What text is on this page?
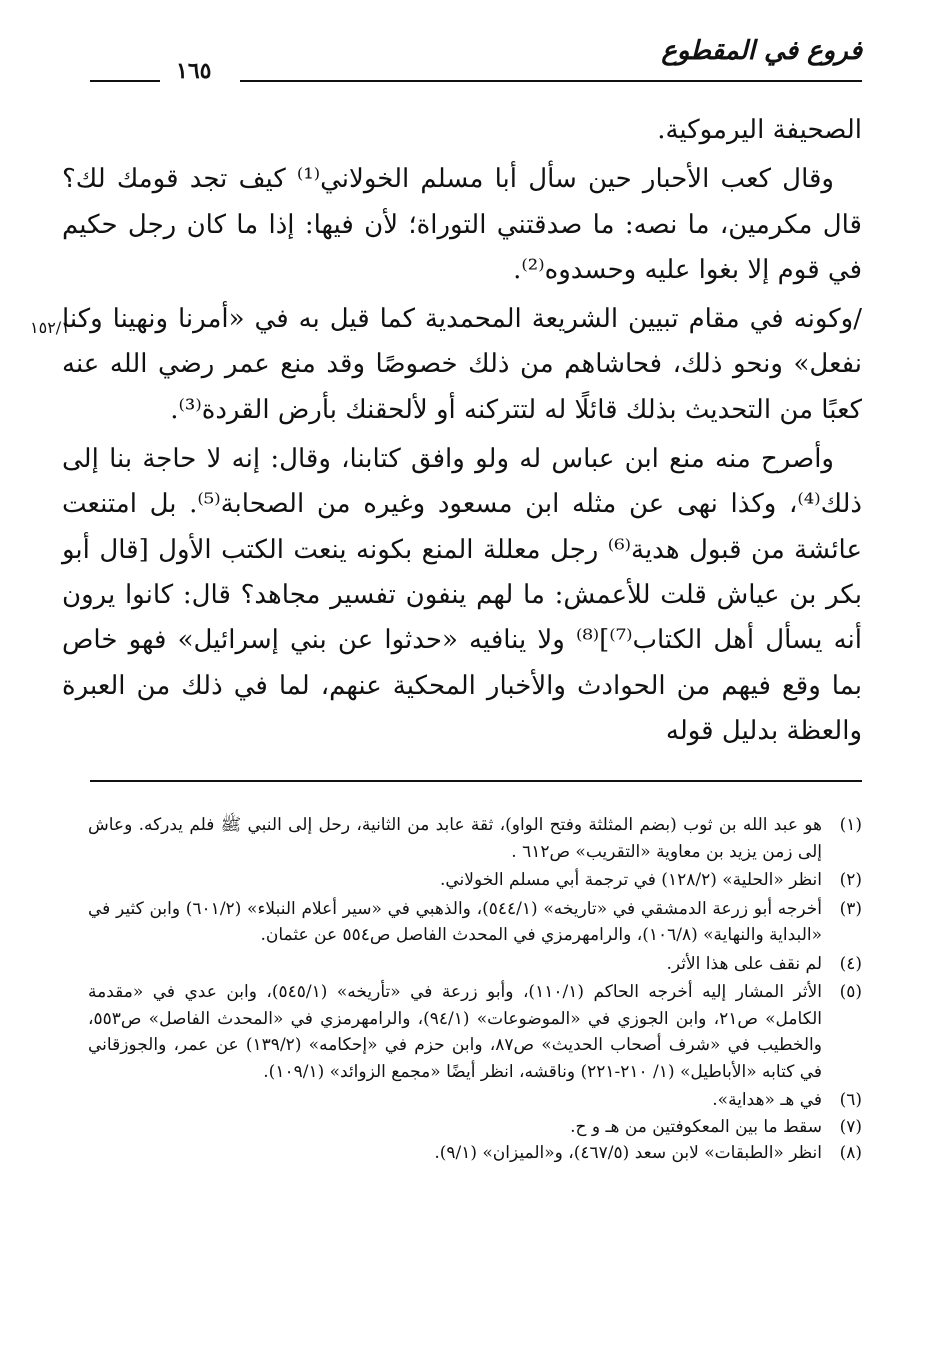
فروع في المقطوع
١٦٥
١٥٢/١

الصحيفة اليرموكية.

وقال كعب الأحبار حين سأل أبا مسلم الخولاني⁽¹⁾ كيف تجد قومك لك؟ قال مكرمين، ما نصه: ما صدقتني التوراة؛ لأن فيها: إذا ما كان رجل حكيم في قوم إلا بغوا عليه وحسدوه⁽²⁾.

/وكونه في مقام تبيين الشريعة المحمدية كما قيل به في «أمرنا ونهينا وكنا نفعل» ونحو ذلك، فحاشاهم من ذلك خصوصًا وقد منع عمر رضي الله عنه كعبًا من التحديث بذلك قائلًا له لتتركنه أو لألحقنك بأرض القردة⁽³⁾.

وأصرح منه منع ابن عباس له ولو وافق كتابنا، وقال: إنه لا حاجة بنا إلى ذلك⁽⁴⁾، وكذا نهى عن مثله ابن مسعود وغيره من الصحابة⁽⁵⁾. بل امتنعت عائشة من قبول هدية⁽⁶⁾ رجل معللة المنع بكونه ينعت الكتب الأول [قال أبو بكر بن عياش قلت للأعمش: ما لهم ينفون تفسير مجاهد؟ قال: كانوا يرون أنه يسأل أهل الكتاب⁽⁷⁾]⁽⁸⁾ ولا ينافيه «حدثوا عن بني إسرائيل» فهو خاص بما وقع فيهم من الحوادث والأخبار المحكية عنهم، لما في ذلك من العبرة والعظة بدليل قوله

(١)
هو عبد الله بن ثوب (بضم المثلثة وفتح الواو)، ثقة عابد من الثانية، رحل إلى النبي ﷺ فلم يدركه. وعاش إلى زمن يزيد بن معاوية «التقريب» ص٦١٢ .
(٢)
انظر «الحلية» (١٢٨/٢) في ترجمة أبي مسلم الخولاني.
(٣)
أخرجه أبو زرعة الدمشقي في «تاريخه» (٥٤٤/١)، والذهبي في «سير أعلام النبلاء» (٦٠١/٢) وابن كثير في «البداية والنهاية» (١٠٦/٨)، والرامهرمزي في المحدث الفاصل ص٥٥٤ عن عثمان.
(٤)
لم نقف على هذا الأثر.
(٥)
الأثر المشار إليه أخرجه الحاكم (١١٠/١)، وأبو زرعة في «تأريخه» (٥٤٥/١)، وابن عدي في «مقدمة الكامل» ص٢١، وابن الجوزي في «الموضوعات» (٩٤/١)، والرامهرمزي في «المحدث الفاصل» ص٥٥٣، والخطيب في «شرف أصحاب الحديث» ص٨٧، وابن حزم في «إحكامه» (١٣٩/٢) عن عمر، والجوزقاني في كتابه «الأباطيل» (١/ ٢١٠-٢٢١) وناقشه، انظر أيضًا «مجمع الزوائد» (١٠٩/١).
(٦)
في هـ «هداية».
(٧)
سقط ما بين المعكوفتين من هـ و ح.
(٨)
انظر «الطبقات» لابن سعد (٤٦٧/٥)، و«الميزان» (٩/١).
